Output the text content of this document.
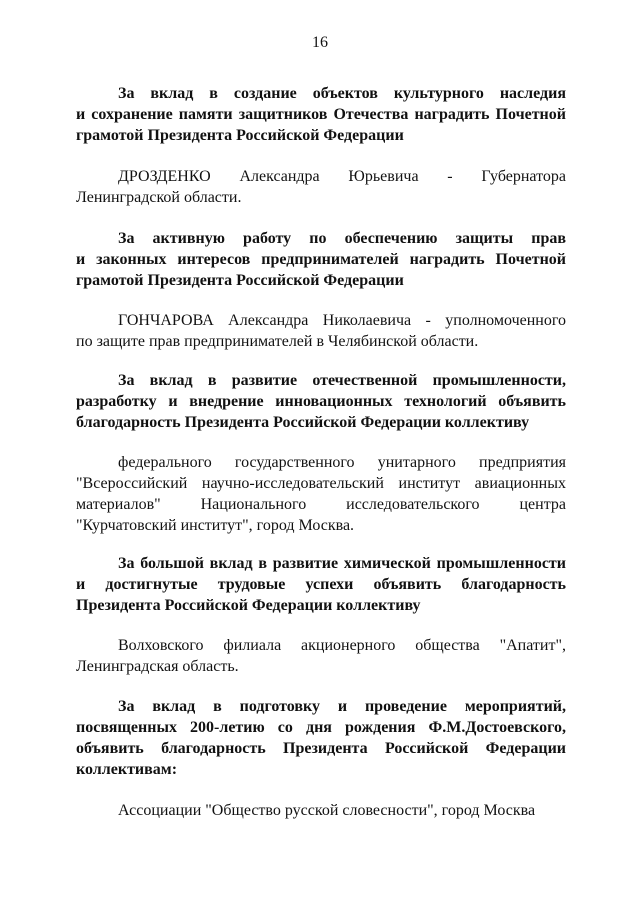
16
За вклад в создание объектов культурного наследия
и сохранение памяти защитников Отечества наградить Почетной
грамотой Президента Российской Федерации
ДРОЗДЕНКО Александра Юрьевича - Губернатора
Ленинградской области.
За активную работу по обеспечению защиты прав
и законных интересов предпринимателей наградить Почетной
грамотой Президента Российской Федерации
ГОНЧАРОВА Александра Николаевича - уполномоченного
по защите прав предпринимателей в Челябинской области.
За вклад в развитие отечественной промышленности,
разработку и внедрение инновационных технологий объявить
благодарность Президента Российской Федерации коллективу
федерального государственного унитарного предприятия
"Всероссийский научно-исследовательский институт авиационных
материалов" Национального исследовательского центра
"Курчатовский институт", город Москва.
За большой вклад в развитие химической промышленности
и достигнутые трудовые успехи объявить благодарность
Президента Российской Федерации коллективу
Волховского филиала акционерного общества "Апатит",
Ленинградская область.
За вклад в подготовку и проведение мероприятий,
посвященных 200-летию со дня рождения Ф.М.Достоевского,
объявить благодарность Президента Российской Федерации
коллективам:
Ассоциации "Общество русской словесности", город Москва
